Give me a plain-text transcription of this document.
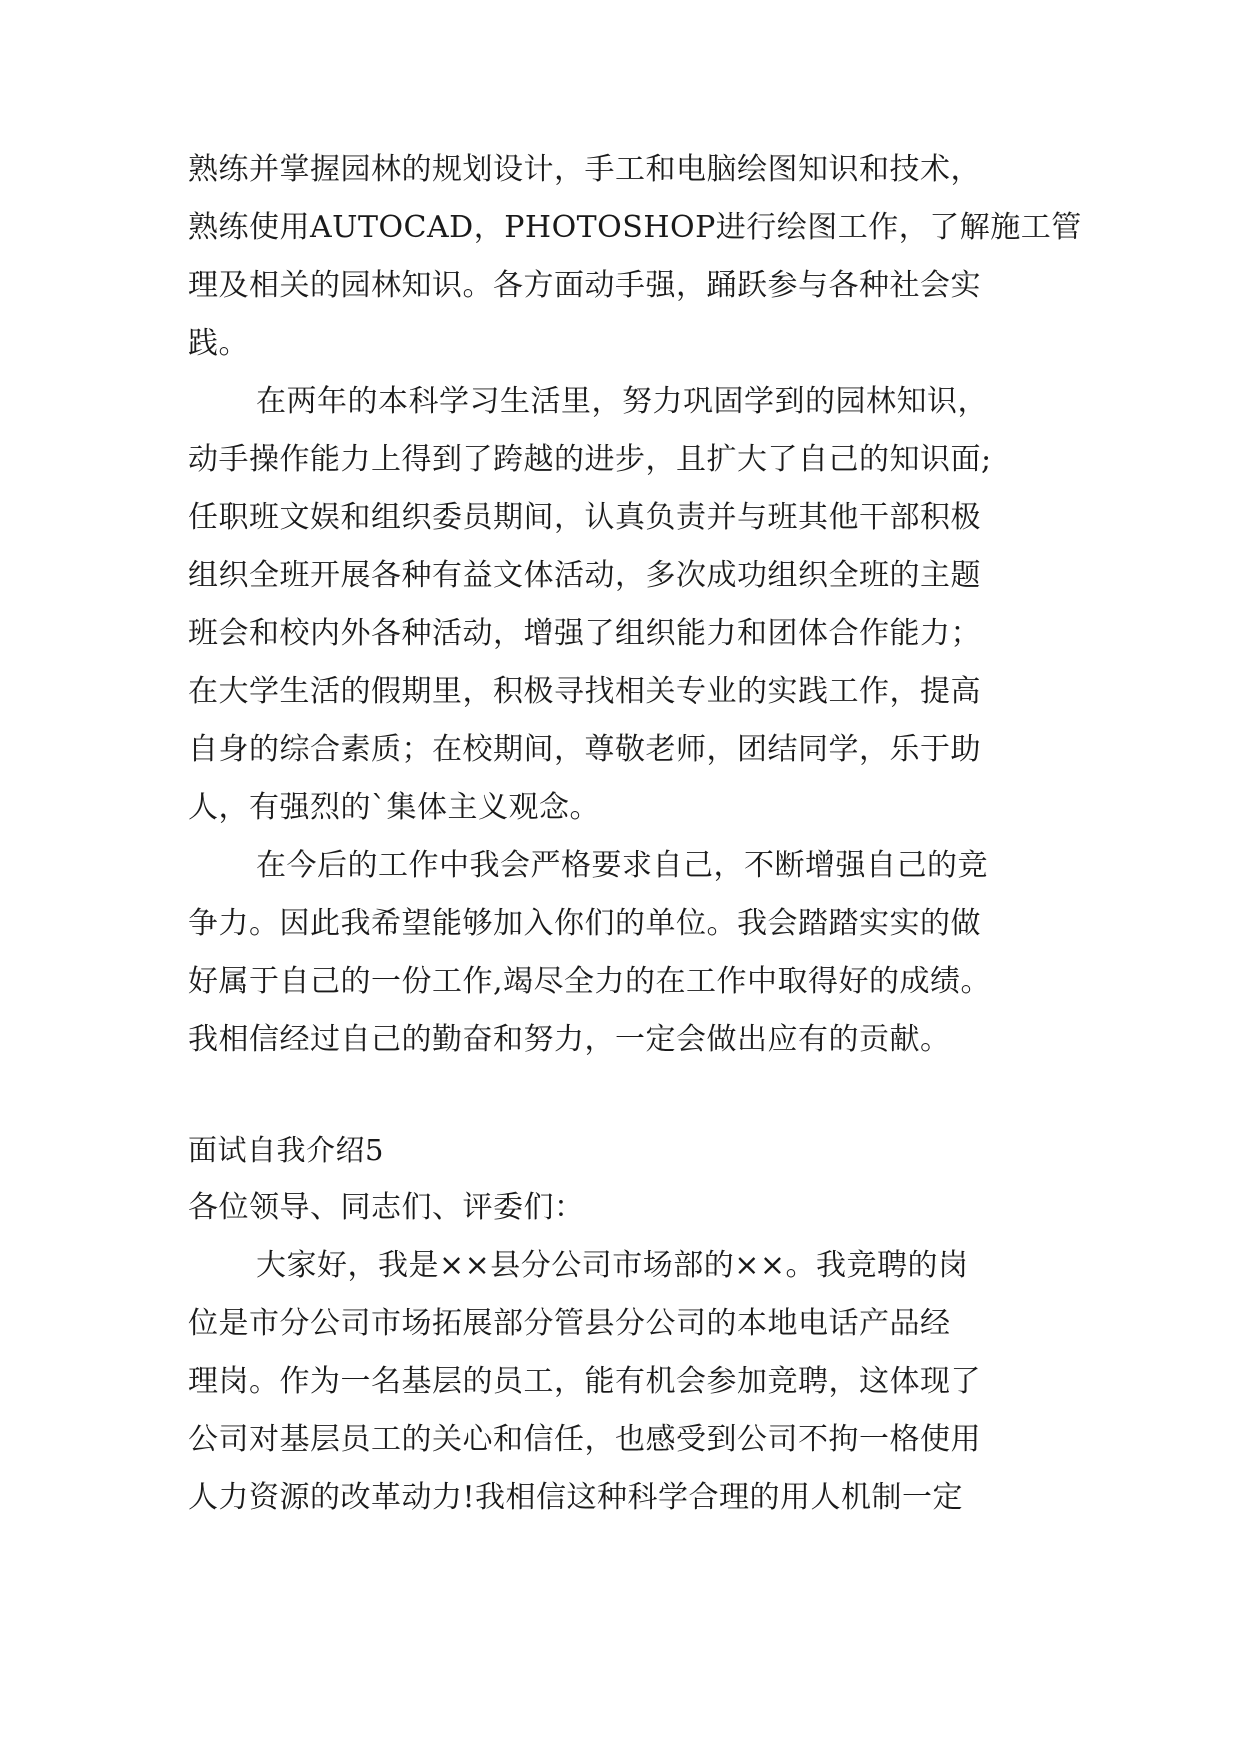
熟练并掌握园林的规划设计，手工和电脑绘图知识和技术，
熟练使用AUTOCAD，PHOTOSHOP进行绘图工作，了解施工管
理及相关的园林知识。各方面动手强，踊跃参与各种社会实
践。
在两年的本科学习生活里，努力巩固学到的园林知识，
动手操作能力上得到了跨越的进步，且扩大了自己的知识面;
任职班文娱和组织委员期间，认真负责并与班其他干部积极
组织全班开展各种有益文体活动，多次成功组织全班的主题
班会和校内外各种活动，增强了组织能力和团体合作能力；
在大学生活的假期里，积极寻找相关专业的实践工作，提高
自身的综合素质；在校期间，尊敬老师，团结同学，乐于助
人，有强烈的`集体主义观念。
在今后的工作中我会严格要求自己，不断增强自己的竞
争力。因此我希望能够加入你们的单位。我会踏踏实实的做
好属于自己的一份工作,竭尽全力的在工作中取得好的成绩。
我相信经过自己的勤奋和努力，一定会做出应有的贡献。
面试自我介绍5
各位领导、同志们、评委们：
大家好，我是××县分公司市场部的××。我竞聘的岗
位是市分公司市场拓展部分管县分公司的本地电话产品经
理岗。作为一名基层的员工，能有机会参加竞聘，这体现了
公司对基层员工的关心和信任，也感受到公司不拘一格使用
人力资源的改革动力!我相信这种科学合理的用人机制一定
